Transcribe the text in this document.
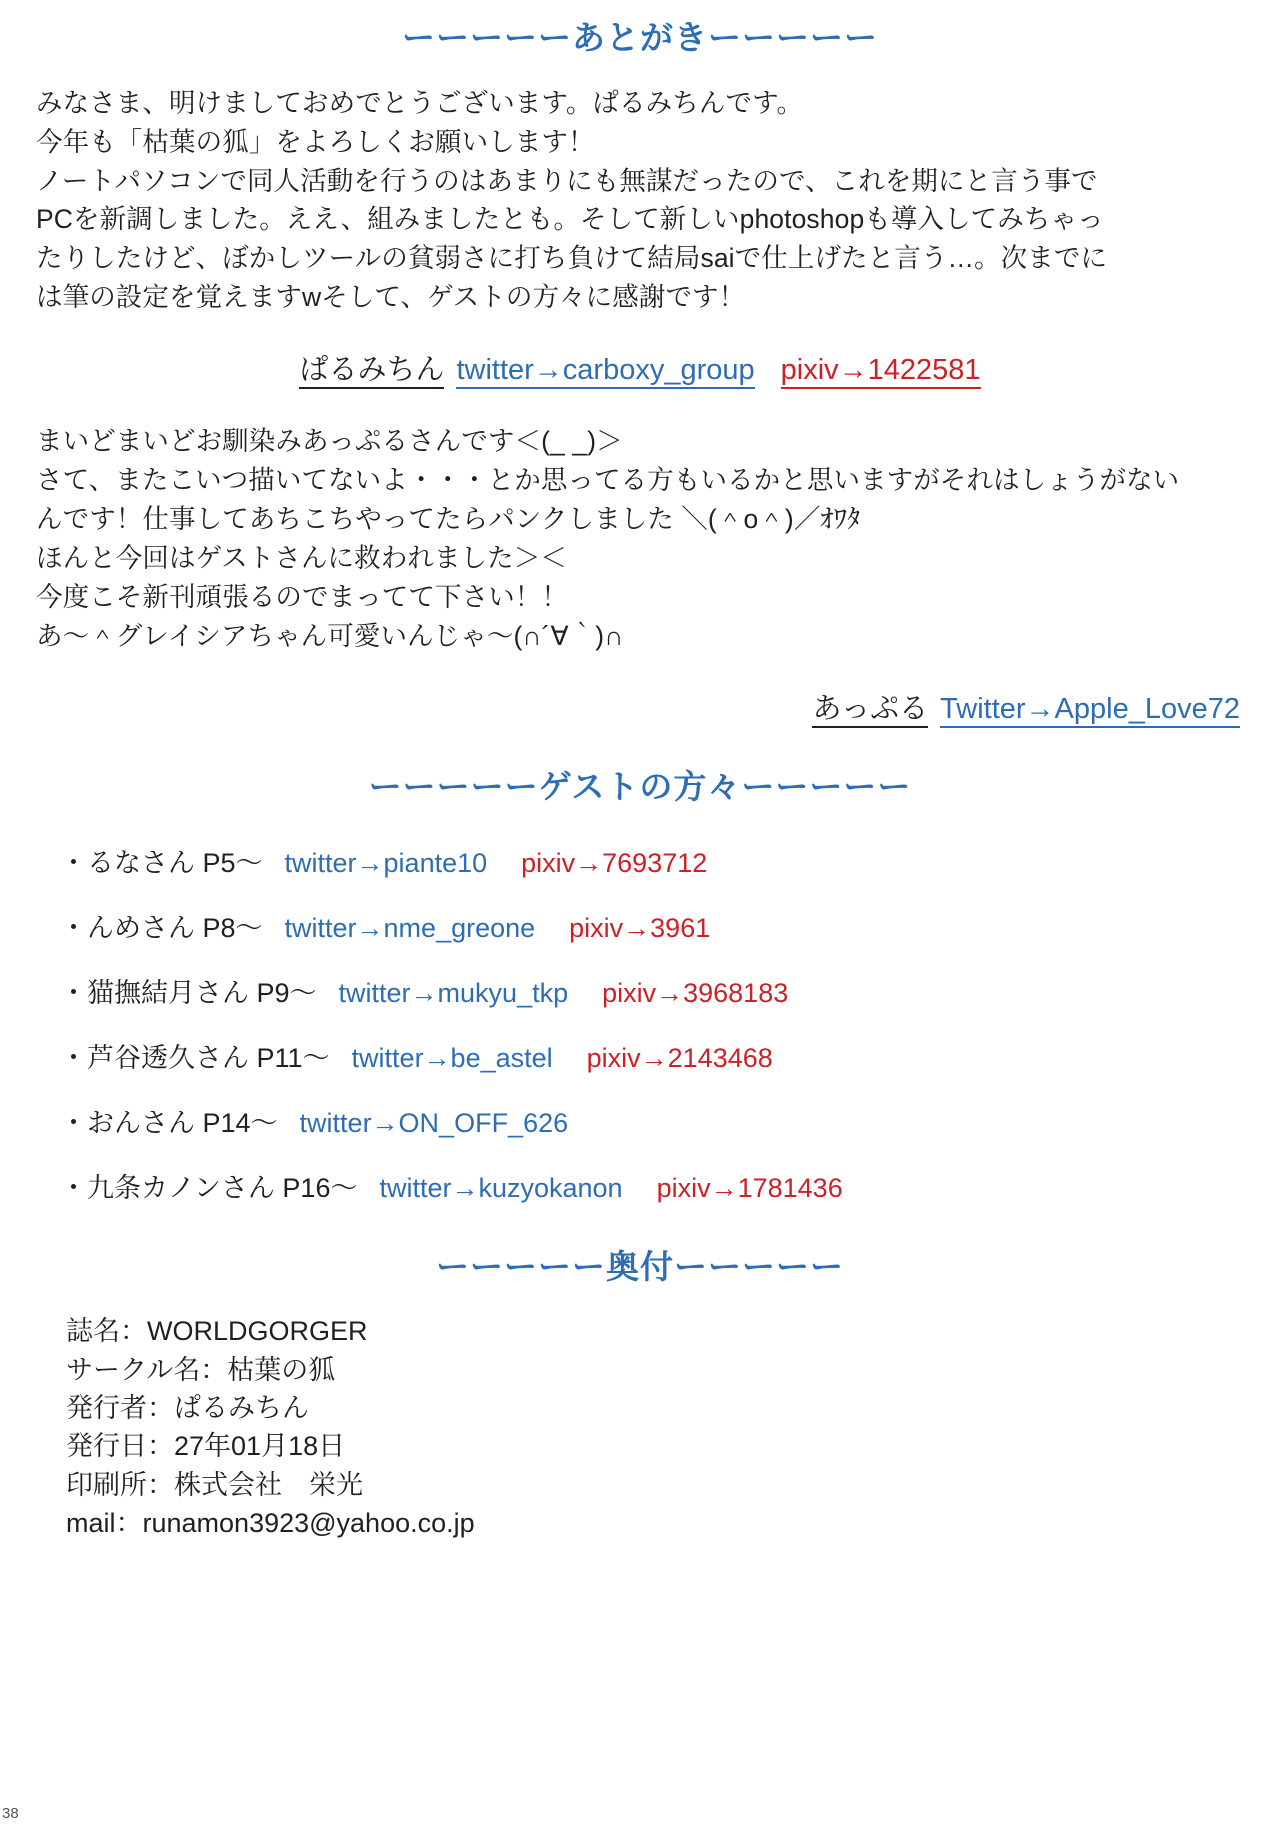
ーーーーーあとがきーーーーー

みなさま、明けましておめでとうございます。ぱるみちんです。

今年も「枯葉の狐」をよろしくお願いします！

ノートパソコンで同人活動を行うのはあまりにも無謀だったので、これを期にと言う事で

PCを新調しました。ええ、組みましたとも。そして新しいphotoshopも導入してみちゃっ

たりしたけど、ぼかしツールの貧弱さに打ち負けて結局saiで仕上げたと言う…。次までに

は筆の設定を覚えますwそして、ゲストの方々に感謝です！

ぱるみちん twitter→carboxy_group pixiv→1422581

まいどまいどお馴染みあっぷるさんです＜(_ _)＞

さて、またこいつ描いてないよ・・・とか思ってる方もいるかと思いますがそれはしょうがない

んです！仕事してあちこちやってたらパンクしました ＼(＾o＾)／ｵﾜﾀ

ほんと今回はゲストさんに救われました＞＜

今度こそ新刊頑張るのでまってて下さい！！

あ〜＾グレイシアちゃん可愛いんじゃ〜(∩´∀｀)∩

あっぷる Twitter→Apple_Love72
ーーーーーゲストの方々ーーーーー
・るなさん P5〜 twitter→piante10 pixiv→7693712
・んめさん P8〜 twitter→nme_greone pixiv→3961
・猫撫結月さん P9〜 twitter→mukyu_tkp pixiv→3968183
・芦谷透久さん P11〜 twitter→be_astel pixiv→2143468
・おんさん P14〜 twitter→ON_OFF_626
・九条カノンさん P16〜 twitter→kuzyokanon pixiv→1781436
ーーーーー奥付ーーーーー

誌名：WORLDGORGER

サークル名：枯葉の狐

発行者：ぱるみちん

発行日：27年01月18日

印刷所：株式会社　栄光

mail：runamon3923@yahoo.co.jp

38
